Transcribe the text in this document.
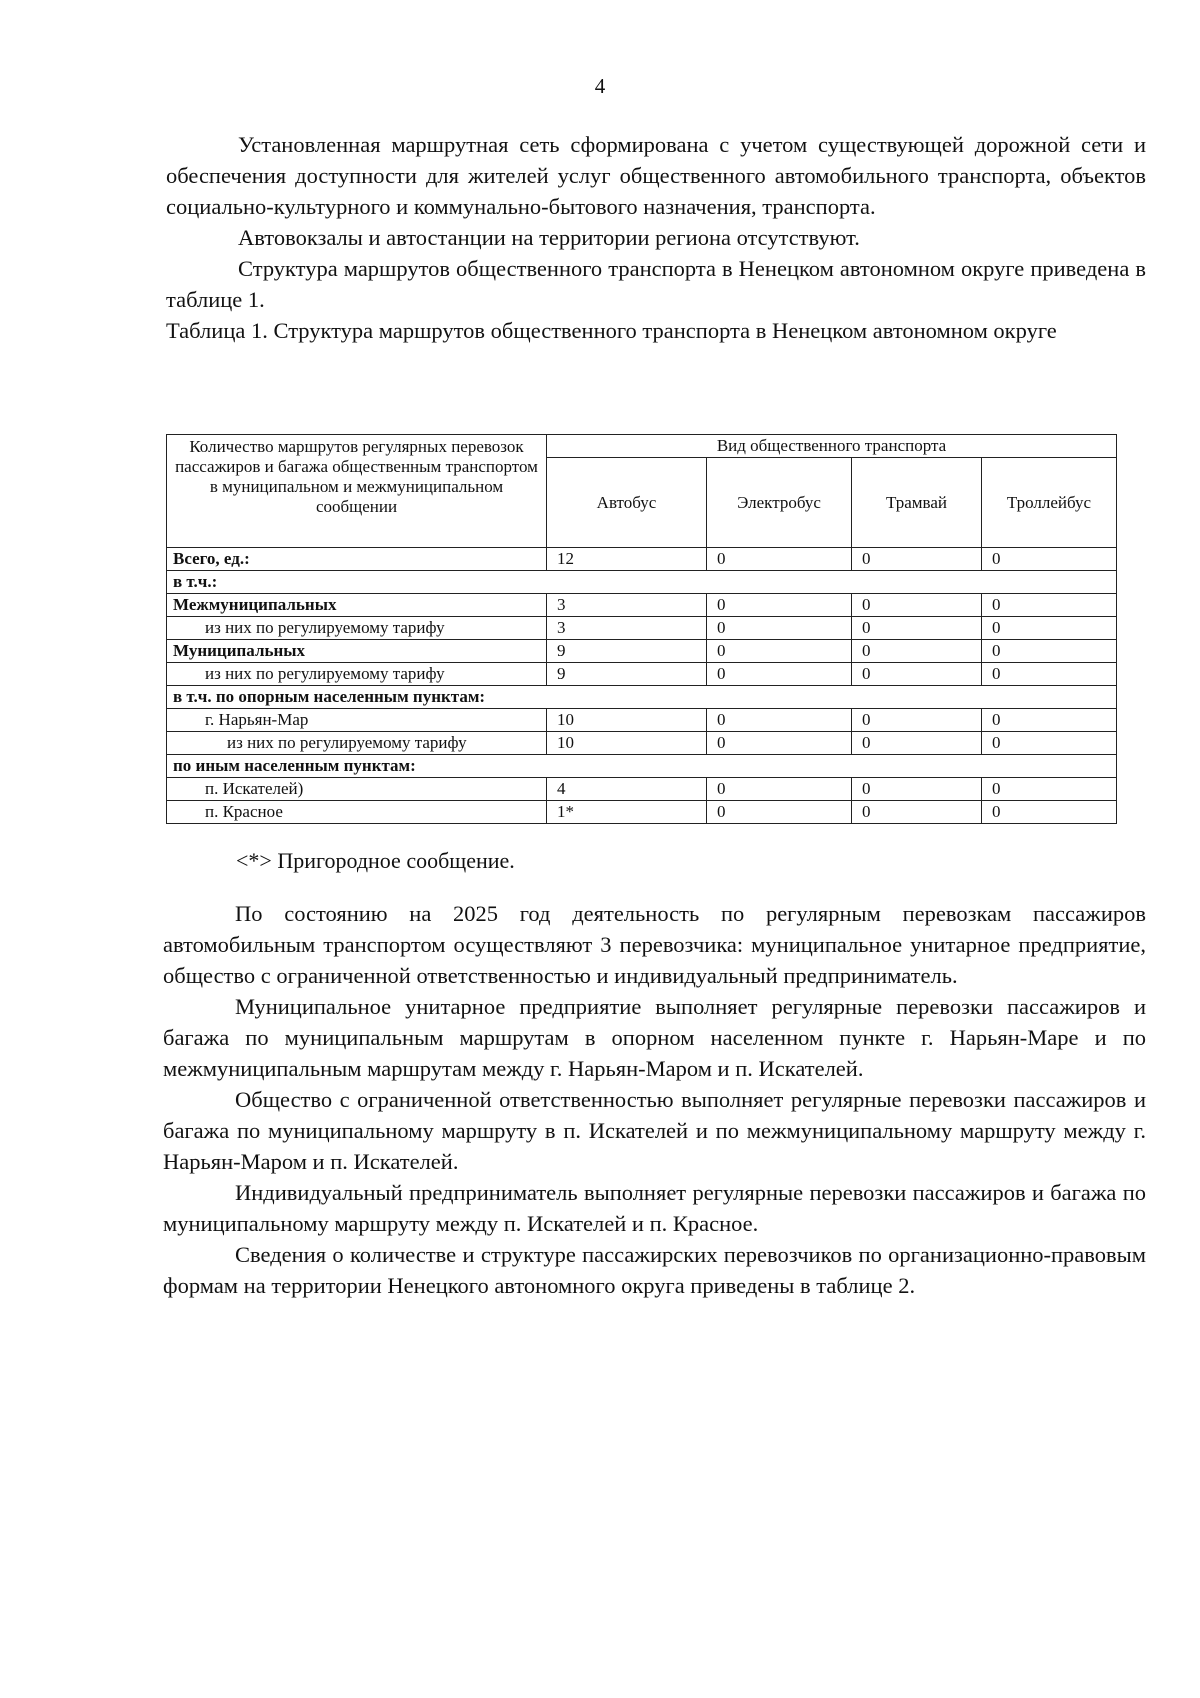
4

Установленная маршрутная сеть сформирована с учетом существующей дорожной сети и обеспечения доступности для жителей услуг общественного автомобильного транспорта, объектов социально-культурного и коммунально-бытового назначения, транспорта.

Автовокзалы и автостанции на территории региона отсутствуют.

Структура маршрутов общественного транспорта в Ненецком автономном округе приведена в таблице 1.

Таблица 1. Структура маршрутов общественного транспорта в Ненецком автономном округе

Количество маршрутов регулярных перевозок пассажиров и багажа общественным транспортом в муниципальном и межмуниципальном сообщении	Вид общественного транспорта			
	Автобус	Электробус	Трамвай	Троллейбус
Всего, ед.:	12	0	0	0
в т.ч.:				
Межмуниципальных	3	0	0	0
из них по регулируемому тарифу	3	0	0	0
Муниципальных	9	0	0	0
из них по регулируемому тарифу	9	0	0	0
в т.ч. по опорным населенным пунктам:				
г. Нарьян-Мар	10	0	0	0
из них по регулируемому тарифу	10	0	0	0
по иным населенным пунктам:				
п. Искателей)	4	0	0	0
п. Красное	1*	0	0	0
<*> Пригородное сообщение.

По состоянию на 2025 год деятельность по регулярным перевозкам пассажиров автомобильным транспортом осуществляют 3 перевозчика: муниципальное унитарное предприятие, общество с ограниченной ответственностью и индивидуальный предприниматель.

Муниципальное унитарное предприятие выполняет регулярные перевозки пассажиров и багажа по муниципальным маршрутам в опорном населенном пункте г. Нарьян-Маре и по межмуниципальным маршрутам между г. Нарьян-Маром и п. Искателей.

Общество с ограниченной ответственностью выполняет регулярные перевозки пассажиров и багажа по муниципальному маршруту в п. Искателей и по межмуниципальному маршруту между г. Нарьян-Маром и п. Искателей.

Индивидуальный предприниматель выполняет регулярные перевозки пассажиров и багажа по муниципальному маршруту между п. Искателей и п. Красное.

Сведения о количестве и структуре пассажирских перевозчиков по организационно-правовым формам на территории Ненецкого автономного округа приведены в таблице 2.
